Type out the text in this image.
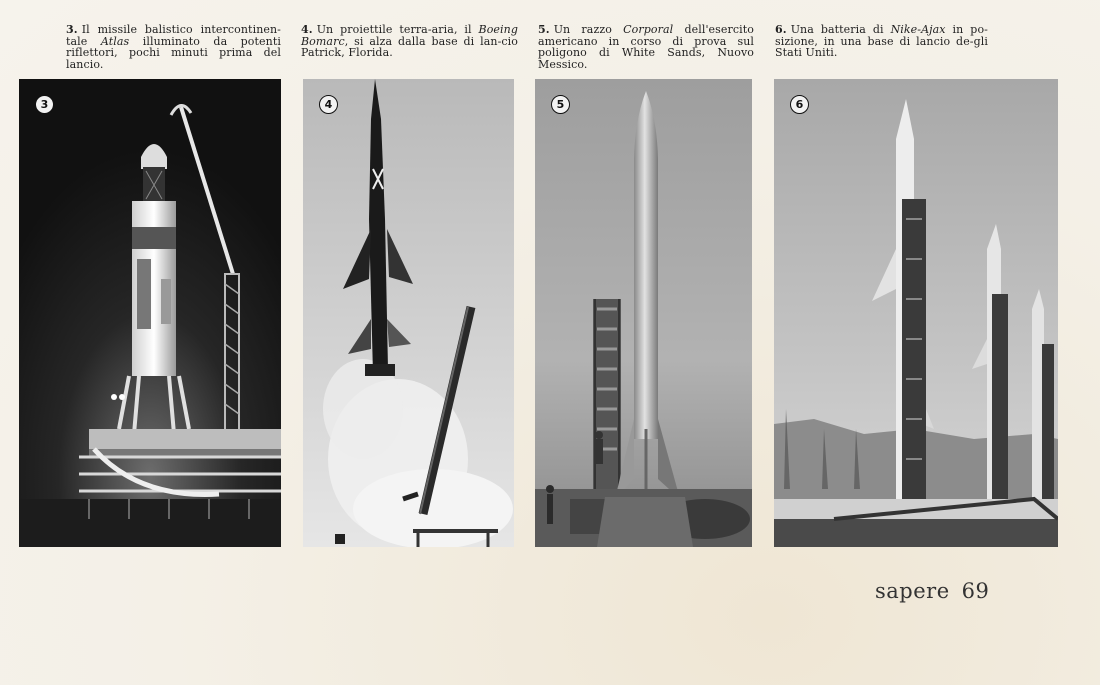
3. Il missile balistico intercontinen-tale Atlas illuminato da potenti riflettori, pochi minuti prima del lancio.
4. Un proiettile terra-aria, il Boeing Bomarc, si alza dalla base di lan-cio Patrick, Florida.
5. Un razzo Corporal dell'esercito americano in corso di prova sul poligono di White Sands, Nuovo Messico.
6. Una batteria di Nike-Ajax in po-sizione, in una base di lancio de-gli Stati Uniti.
3	4	5	6
sapere 69
